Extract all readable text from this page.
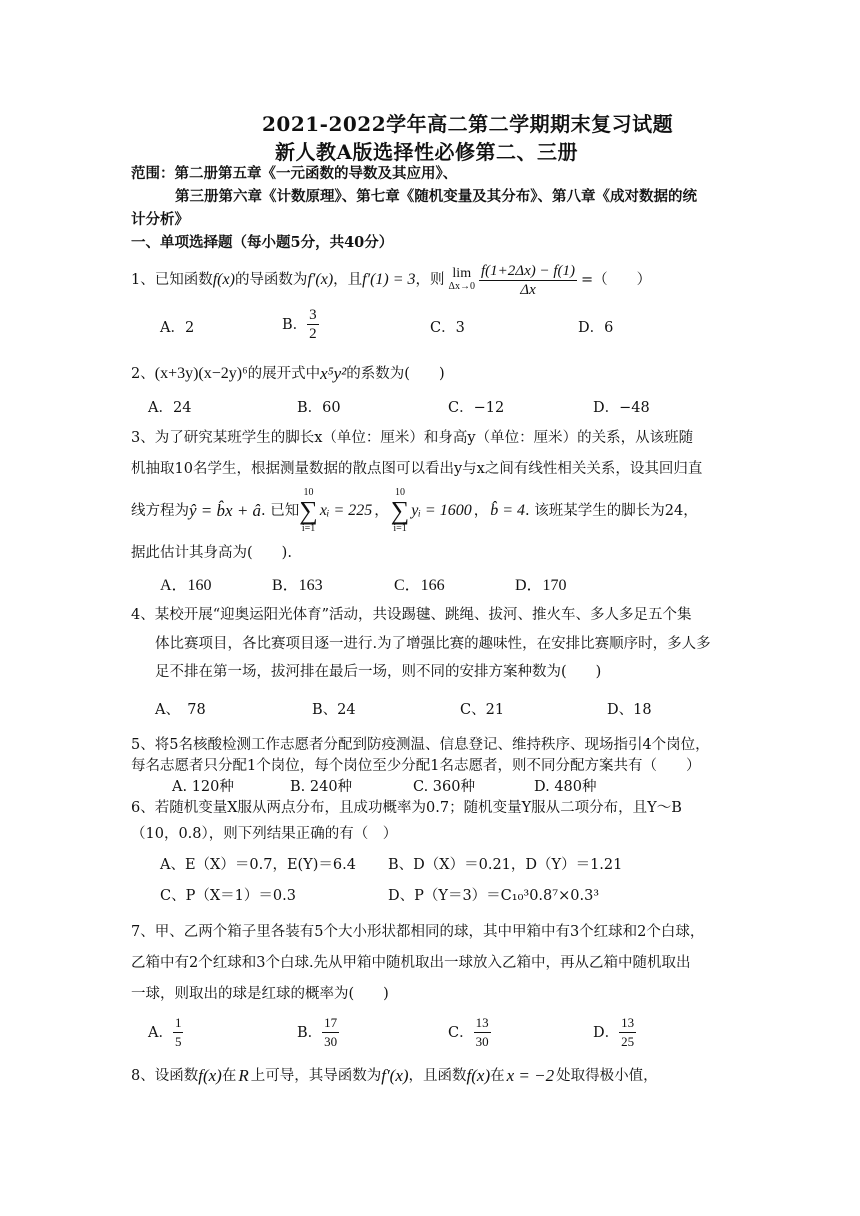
2021-2022学年高二第二学期期末复习试题
新人教A版选择性必修第二、三册
范围：第二册第五章《一元函数的导数及其应用》、
第三册第六章《计数原理》、第七章《随机变量及其分布》、第八章《成对数据的统
计分析》
一、单项选择题（每小题5分，共40分）
1、已知函数 f(x) 的导函数为 f′(x) ，且 f′(1) = 3 ，则 lim
$\Delta x\to 0 \frac{f(1+2\Delta x) - f(1)}{\Delta x}$ =（　　）
A．2	B． $\frac{3}{2}$	C．3	D．6
2、 (x+3y)(x−2y)⁶ 的展开式中 x⁵y² 的系数为(　　)
A．24	B．60	C．−12	D．−48
3、为了研究某班学生的脚长x（单位：厘米）和身高y（单位：厘米）的关系，从该班随
机抽取10名学生，根据测量数据的散点图可以看出y与x之间有线性相关关系，设其回归直
线方程为 ŷ = b̂x + â . 已知
10
∑
i=1
xᵢ = 225 ，
10
∑
i=1
yᵢ = 1600 ， b̂ = 4 . 该班某学生的脚长为24，
据此估计其身高为(　　).
A．160	B．163	C．166	D．170
4、某校开展“迎奥运阳光体育”活动，共设踢毽、跳绳、拔河、推火车、多人多足五个集
体比赛项目，各比赛项目逐一进行.为了增强比赛的趣味性，在安排比赛顺序时，多人多
足不排在第一场，拔河排在最后一场，则不同的安排方案种数为(　　)
A、　78	B、24	C、21	D、18
5、将5名核酸检测工作志愿者分配到防疫测温、信息登记、维持秩序、现场指引4个岗位，
每名志愿者只分配1个岗位，每个岗位至少分配1名志愿者，则不同分配方案共有（　　）
A. 120种	B. 240种	C. 360种	D. 480种
6、若随机变量X服从两点分布，且成功概率为0.7；随机变量Y服从二项分布，且Y～B
（10，0.8），则下列结果正确的有（　）
A、E（X）＝0.7，E(Y)＝6.4 B、D（X）＝0.21，D（Y）＝1.21
C、P（X＝1）＝0.3	D、P（Y＝3）＝C₁₀³0.8⁷×0.3³
7、甲、乙两个箱子里各装有5个大小形状都相同的球，其中甲箱中有3个红球和2个白球，
乙箱中有2个红球和3个白球.先从甲箱中随机取出一球放入乙箱中，再从乙箱中随机取出
一球，则取出的球是红球的概率为(　　)
A． $\frac{1}{5}$	B． $\frac{17}{30}$	C． $\frac{13}{30}$	D． $\frac{13}{25}$
8、设函数 f(x) 在 R 上可导，其导函数为 f′(x) ，且函数 f(x) 在 x = −2 处取得极小值，
